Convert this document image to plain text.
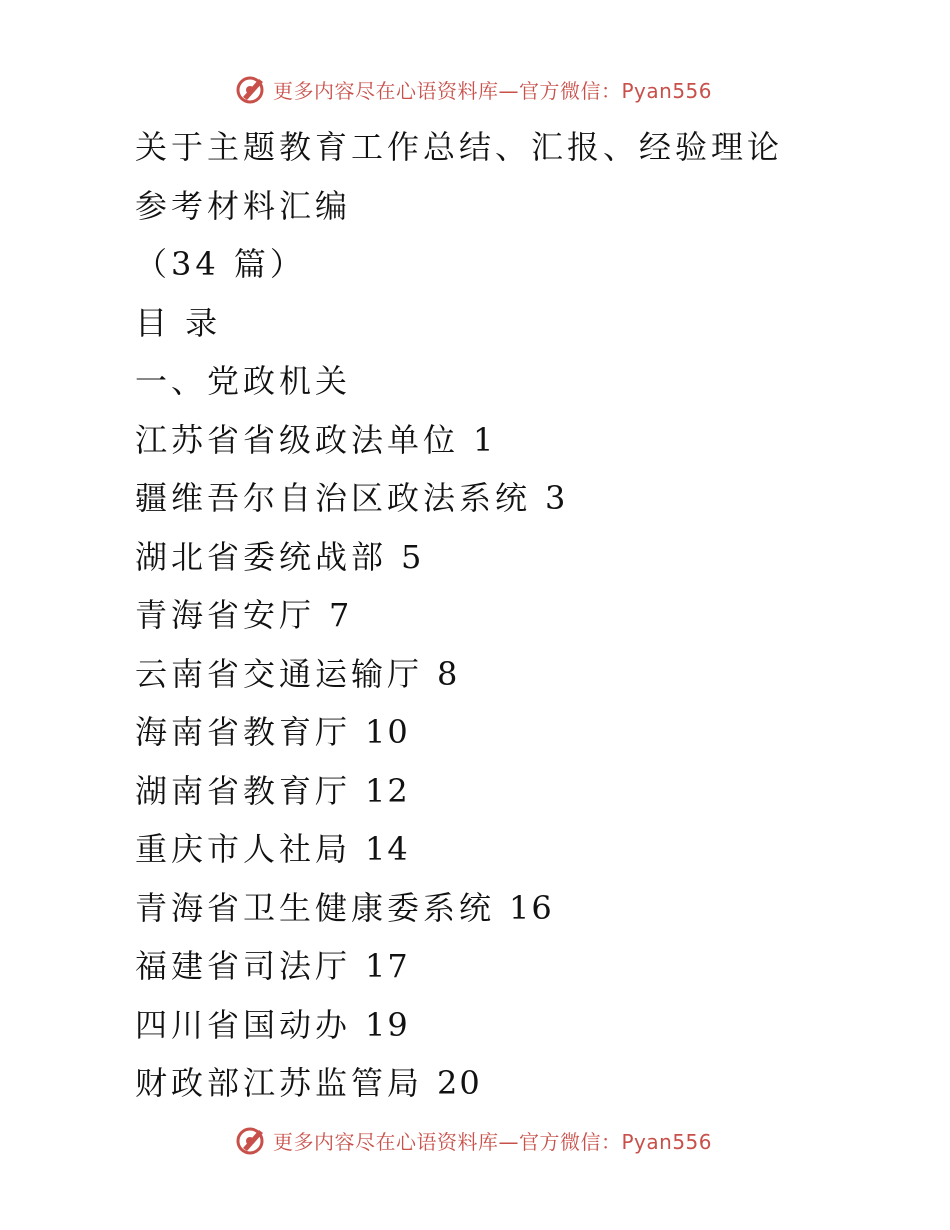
更多内容尽在心语资料库—官方微信：Pyan556
关于主题教育工作总结、汇报、经验理论
参考材料汇编
（34 篇）
目 录
一、党政机关
江苏省省级政法单位 1
疆维吾尔自治区政法系统 3
湖北省委统战部 5
青海省安厅 7
云南省交通运输厅 8
海南省教育厅 10
湖南省教育厅 12
重庆市人社局 14
青海省卫生健康委系统 16
福建省司法厅 17
四川省国动办 19
财政部江苏监管局 20
更多内容尽在心语资料库—官方微信：Pyan556
